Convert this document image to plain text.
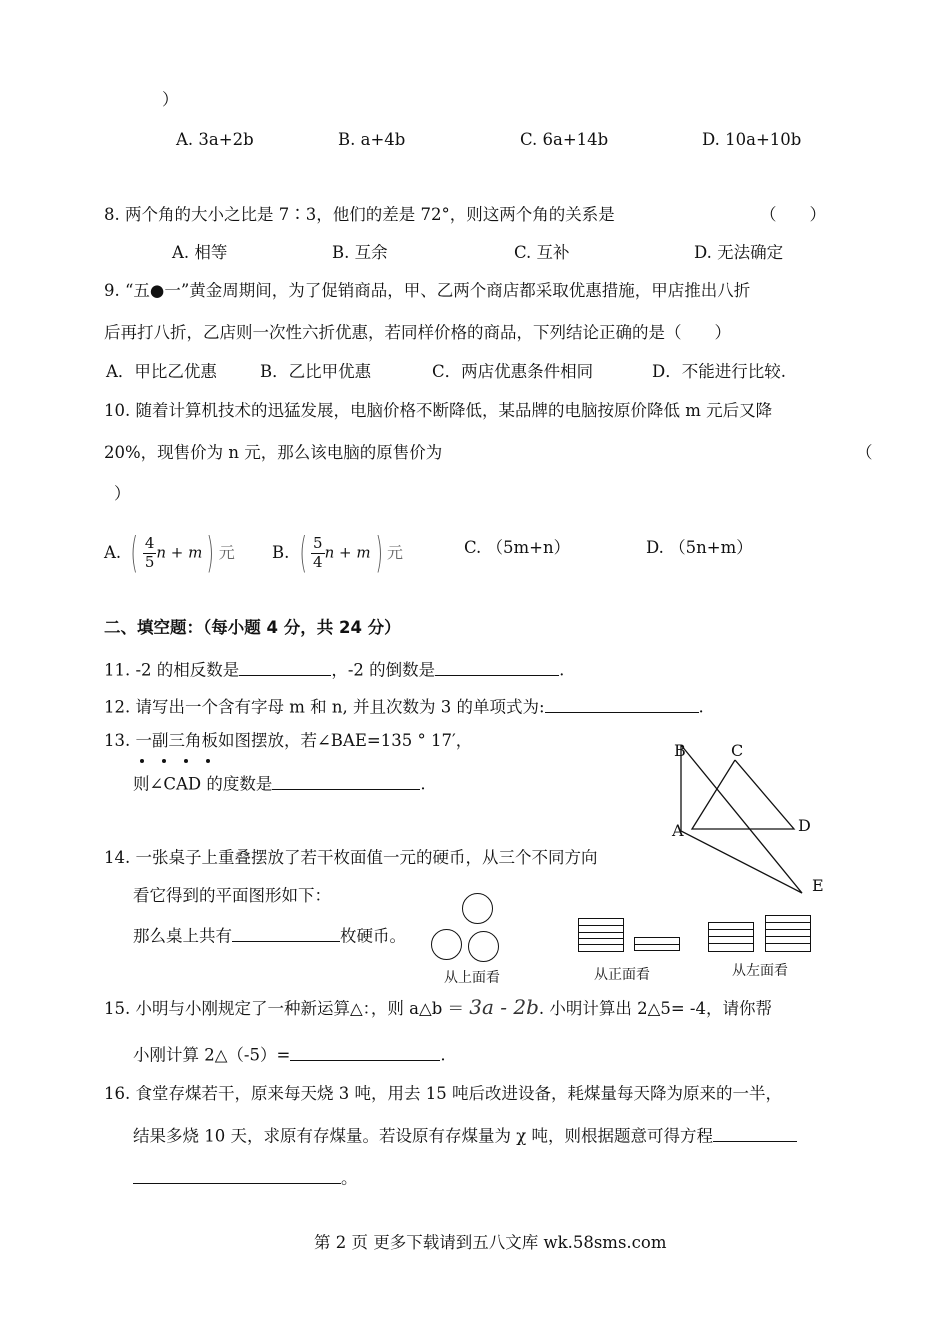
）
A. 3a+2b	B. a+4b	C. 6a+14b	D. 10a+10b
8. 两个角的大小之比是 7∶3，他们的差是 72°，则这两个角的关系是	（　　）
A. 相等	B. 互余	C. 互补	D. 无法确定
9. “五●一”黄金周期间，为了促销商品，甲、乙两个商店都采取优惠措施，甲店推出八折
后再打八折，乙店则一次性六折优惠，若同样价格的商品，下列结论正确的是（　　）
A．甲比乙优惠	B．乙比甲优惠	C．两店优惠条件相同	D．不能进行比较.
10. 随着计算机技术的迅猛发展，电脑价格不断降低，某品牌的电脑按原价降低 m 元后又降
20%，现售价为 n 元，那么该电脑的原售价为	（
）
A. ( $\frac{4}{5}$ n + m ) 元 B. ( $\frac{5}{4}$ n + m ) 元	C. （5m+n）	D. （5n+m）
二、填空题：（每小题 4 分，共 24 分）
11. -2 的相反数是	，-2 的倒数是	.
12. 请写出一个含有字母 m 和 n, 并且次数为 3 的单项式为:	.
13. 一副三角板如图摆放，若∠BAE=135 ° 17′，
则∠CAD 的度数是	.
B	C
A	D
E
14. 一张桌子上重叠摆放了若干枚面值一元的硬币，从三个不同方向
看它得到的平面图形如下：
那么桌上共有	枚硬币。
从上面看	从正面看	从左面看
15. 小明与小刚规定了一种新运算△：，则 a△b ＝ 3a - 2b. 小明计算出 2△5= -4，请你帮
小刚计算 2△（-5）=	.
16. 食堂存煤若干，原来每天烧 3 吨，用去 15 吨后改进设备，耗煤量每天降为原来的一半，
结果多烧 10 天，求原有存煤量。若设原有存煤量为 χ 吨，则根据题意可得方程
。
第 2 页 更多下载请到五八文库 wk.58sms.com
